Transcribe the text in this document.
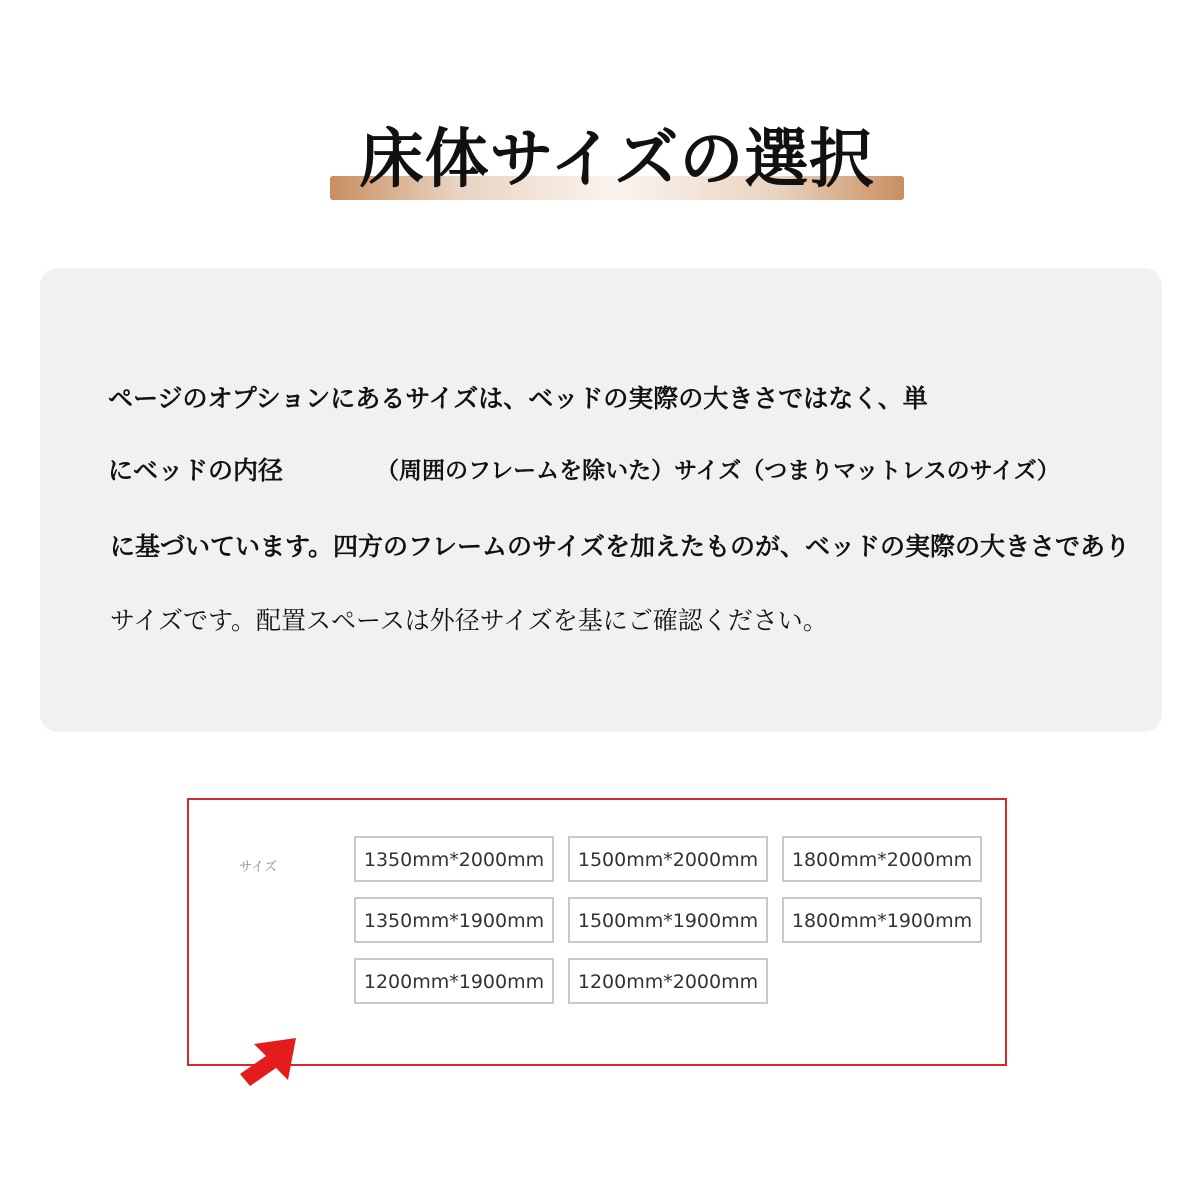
床体サイズの選択
ページのオプションにあるサイズは、ベッドの実際の大きさではなく、単
にベッドの内径	（周囲のフレームを除いた）サイズ（つまりマットレスのサイズ）
に基づいています。四方のフレームのサイズを加えたものが、ベッドの実際の大きさであり
サイズです。配置スペースは外径サイズを基にご確認ください。
サイズ	1350mm*2000mm	1500mm*2000mm	1800mm*2000mm
1350mm*1900mm	1500mm*1900mm	1800mm*1900mm
1200mm*1900mm	1200mm*2000mm
